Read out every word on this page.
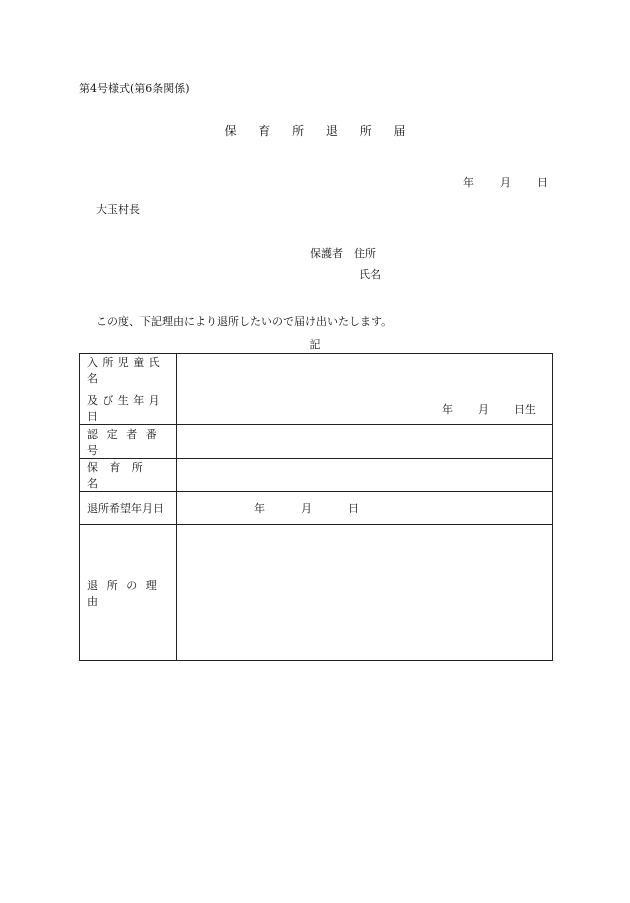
第4号様式(第6条関係)
保 育 所 退 所 届
年 月 日
大玉村長
保護者　住所
氏名
この度、下記理由により退所したいので届け出いたします。
記
入所児童氏名
及び生年月日	年 月 日生

認定者番号	
保育所名	
退所希望年月日	年 月 日

退所の理由	
